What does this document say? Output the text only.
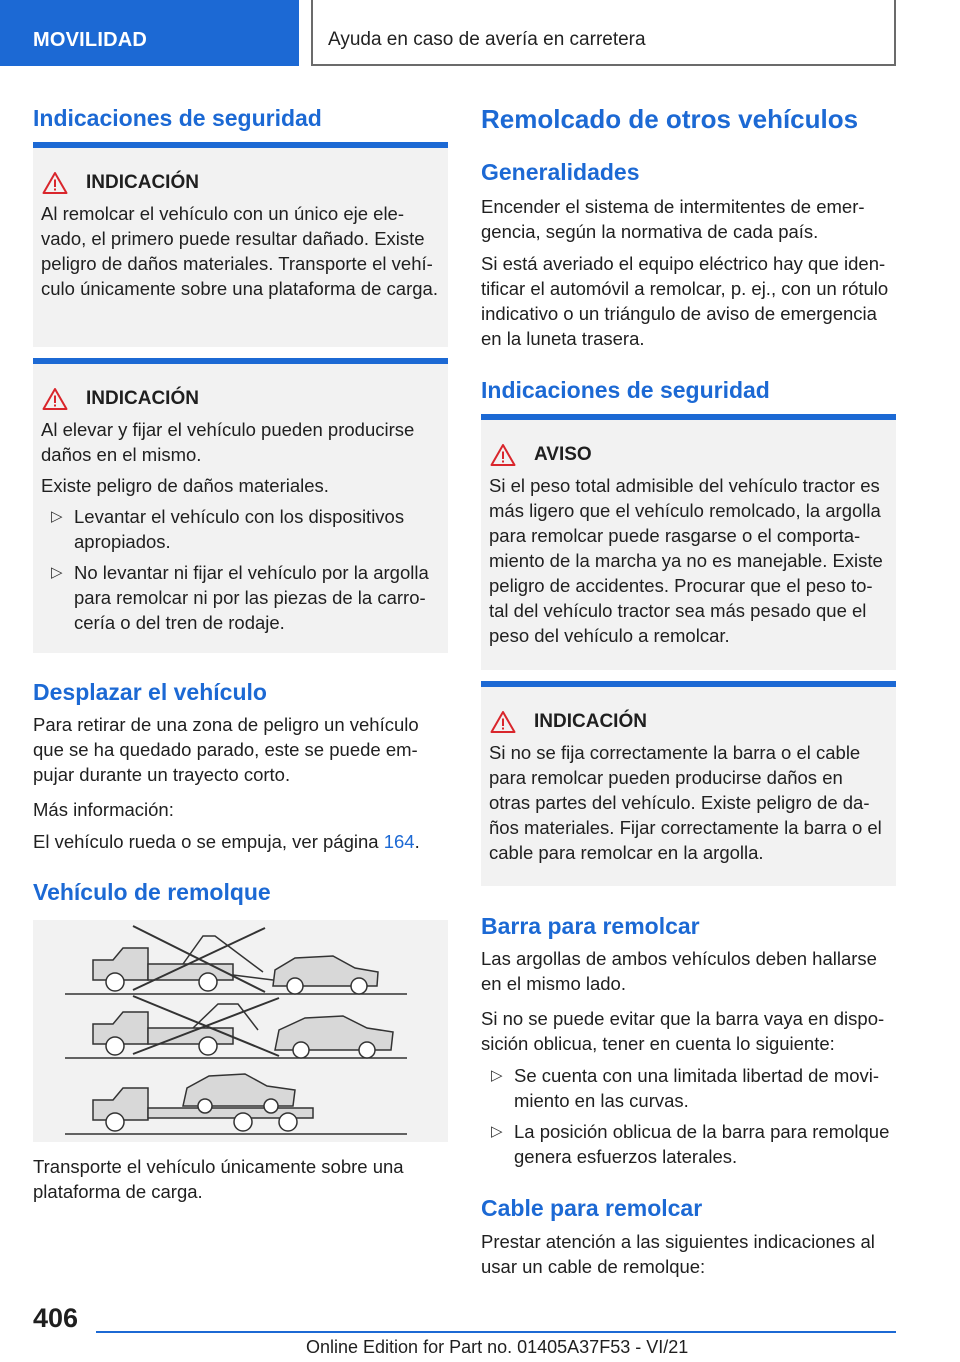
MOVILIDAD	Ayuda en caso de avería en carretera
Indicaciones de seguridad
INDICACIÓN
Al remolcar el vehículo con un único eje ele-vado, el primero puede resultar dañado. Existe peligro de daños materiales. Transporte el vehí-culo únicamente sobre una plataforma de carga.
INDICACIÓN
Al elevar y fijar el vehículo pueden producirse daños en el mismo.
Existe peligro de daños materiales.
▷ Levantar el vehículo con los dispositivos apropiados.
▷ No levantar ni fijar el vehículo por la argolla para remolcar ni por las piezas de la carro-cería o del tren de rodaje.
Desplazar el vehículo
Para retirar de una zona de peligro un vehículo que se ha quedado parado, este se puede em-pujar durante un trayecto corto.
Más información:
El vehículo rueda o se empuja, ver página 164.
Vehículo de remolque
Transporte el vehículo únicamente sobre una plataforma de carga.
Remolcado de otros vehículos
Generalidades
Encender el sistema de intermitentes de emer-gencia, según la normativa de cada país.
Si está averiado el equipo eléctrico hay que iden-tificar el automóvil a remolcar, p. ej., con un rótulo indicativo o un triángulo de aviso de emergencia en la luneta trasera.
Indicaciones de seguridad
AVISO
Si el peso total admisible del vehículo tractor es más ligero que el vehículo remolcado, la argolla para remolcar puede rasgarse o el comporta-miento de la marcha ya no es manejable. Existe peligro de accidentes. Procurar que el peso to-tal del vehículo tractor sea más pesado que el peso del vehículo a remolcar.
INDICACIÓN
Si no se fija correctamente la barra o el cable para remolcar pueden producirse daños en otras partes del vehículo. Existe peligro de da-ños materiales. Fijar correctamente la barra o el cable para remolcar en la argolla.
Barra para remolcar
Las argollas de ambos vehículos deben hallarse en el mismo lado.
Si no se puede evitar que la barra vaya en dispo-sición oblicua, tener en cuenta lo siguiente:
▷ Se cuenta con una limitada libertad de movi-miento en las curvas.
▷ La posición oblicua de la barra para remolque genera esfuerzos laterales.
Cable para remolcar
Prestar atención a las siguientes indicaciones al usar un cable de remolque:
406
Online Edition for Part no. 01405A37F53 - VI/21
